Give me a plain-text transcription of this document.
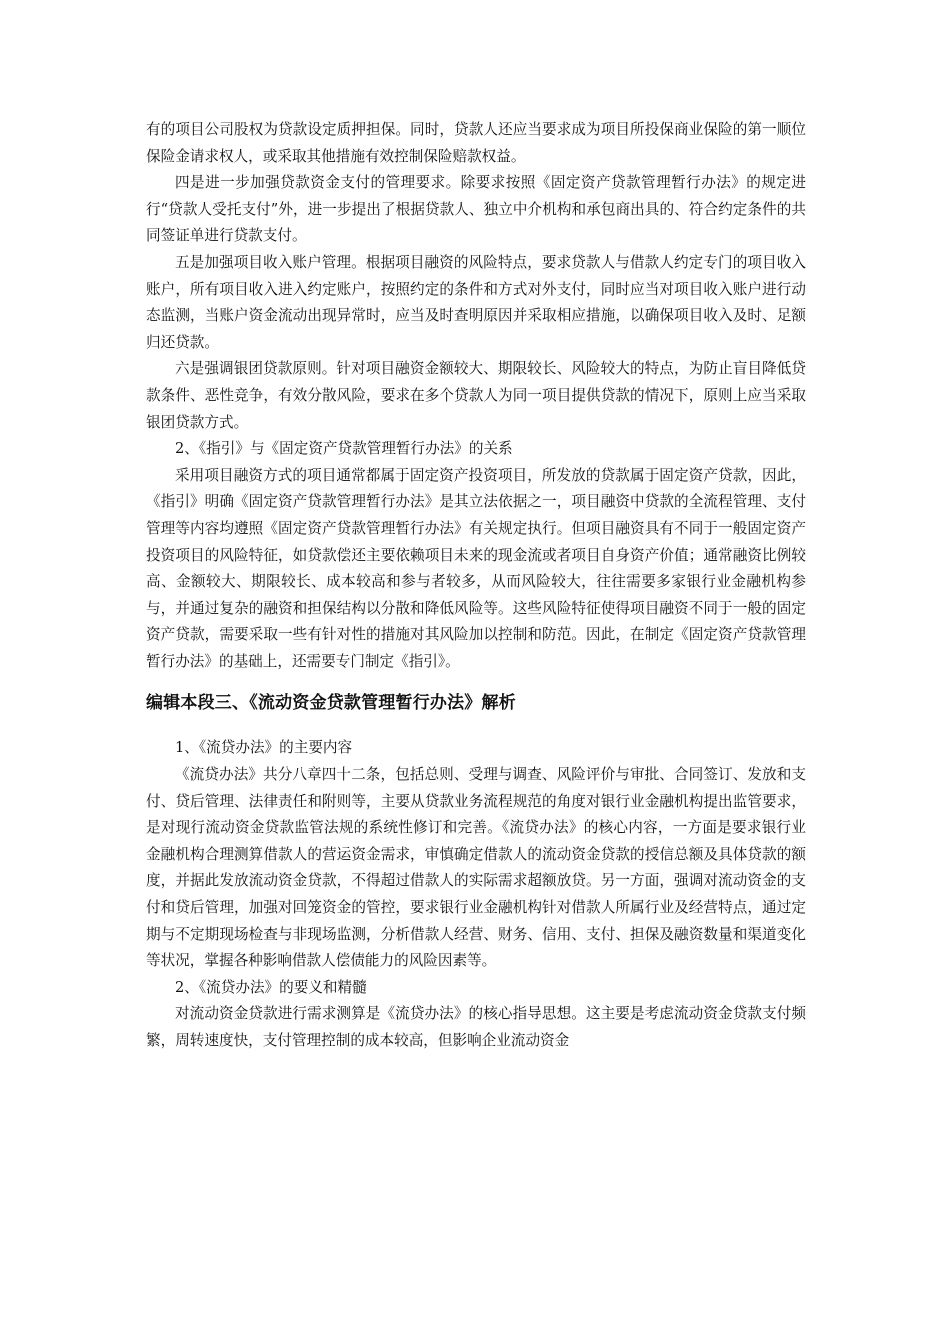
有的项目公司股权为贷款设定质押担保。同时，贷款人还应当要求成为项目所投保商业保险的第一顺位保险金请求权人，或采取其他措施有效控制保险赔款权益。

四是进一步加强贷款资金支付的管理要求。除要求按照《固定资产贷款管理暂行办法》的规定进行“贷款人受托支付”外，进一步提出了根据贷款人、独立中介机构和承包商出具的、符合约定条件的共同签证单进行贷款支付。

五是加强项目收入账户管理。根据项目融资的风险特点，要求贷款人与借款人约定专门的项目收入账户，所有项目收入进入约定账户，按照约定的条件和方式对外支付，同时应当对项目收入账户进行动态监测，当账户资金流动出现异常时，应当及时查明原因并采取相应措施，以确保项目收入及时、足额归还贷款。

六是强调银团贷款原则。针对项目融资金额较大、期限较长、风险较大的特点，为防止盲目降低贷款条件、恶性竞争，有效分散风险，要求在多个贷款人为同一项目提供贷款的情况下，原则上应当采取银团贷款方式。

2、《指引》与《固定资产贷款管理暂行办法》的关系

采用项目融资方式的项目通常都属于固定资产投资项目，所发放的贷款属于固定资产贷款，因此，《指引》明确《固定资产贷款管理暂行办法》是其立法依据之一，项目融资中贷款的全流程管理、支付管理等内容均遵照《固定资产贷款管理暂行办法》有关规定执行。但项目融资具有不同于一般固定资产投资项目的风险特征，如贷款偿还主要依赖项目未来的现金流或者项目自身资产价值；通常融资比例较高、金额较大、期限较长、成本较高和参与者较多，从而风险较大，往往需要多家银行业金融机构参与，并通过复杂的融资和担保结构以分散和降低风险等。这些风险特征使得项目融资不同于一般的固定资产贷款，需要采取一些有针对性的措施对其风险加以控制和防范。因此，在制定《固定资产贷款管理暂行办法》的基础上，还需要专门制定《指引》。

编辑本段三、《流动资金贷款管理暂行办法》解析

1、《流贷办法》的主要内容

《流贷办法》共分八章四十二条，包括总则、受理与调查、风险评价与审批、合同签订、发放和支付、贷后管理、法律责任和附则等，主要从贷款业务流程规范的角度对银行业金融机构提出监管要求，是对现行流动资金贷款监管法规的系统性修订和完善。《流贷办法》的核心内容，一方面是要求银行业金融机构合理测算借款人的营运资金需求，审慎确定借款人的流动资金贷款的授信总额及具体贷款的额度，并据此发放流动资金贷款，不得超过借款人的实际需求超额放贷。另一方面，强调对流动资金的支付和贷后管理，加强对回笼资金的管控，要求银行业金融机构针对借款人所属行业及经营特点，通过定期与不定期现场检查与非现场监测，分析借款人经营、财务、信用、支付、担保及融资数量和渠道变化等状况，掌握各种影响借款人偿债能力的风险因素等。

2、《流贷办法》的要义和精髓

对流动资金贷款进行需求测算是《流贷办法》的核心指导思想。这主要是考虑流动资金贷款支付频繁，周转速度快，支付管理控制的成本较高，但影响企业流动资金
